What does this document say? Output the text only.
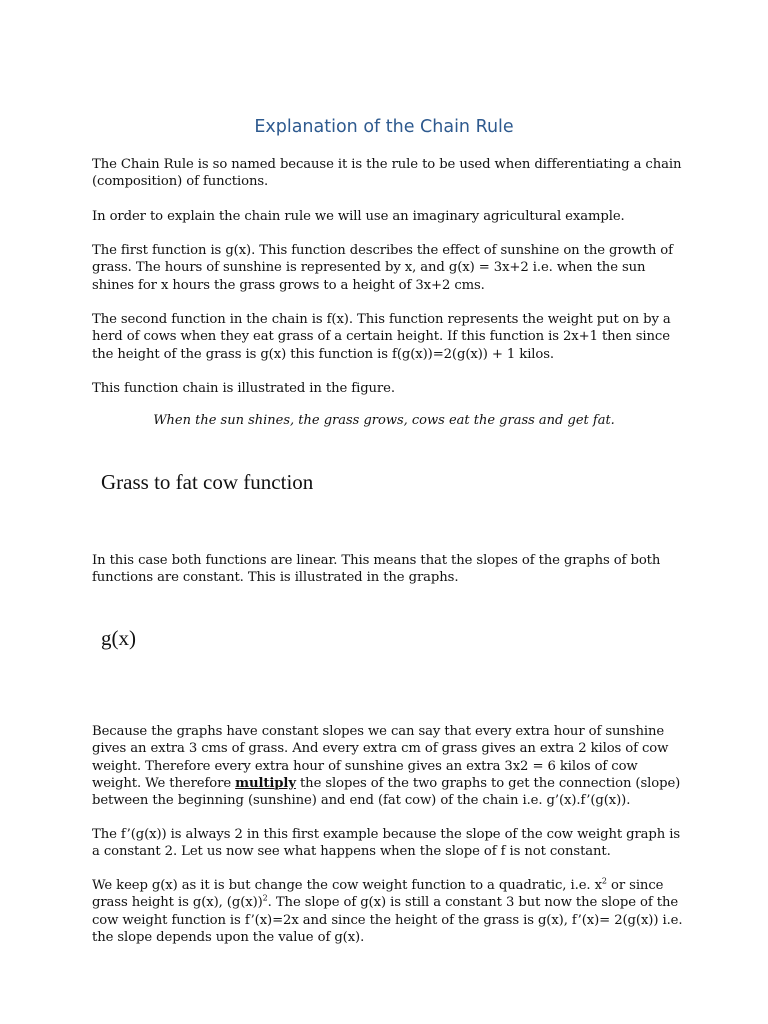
Explanation of the Chain Rule

The Chain Rule is so named because it is the rule to be used when differentiating a chain
(composition) of functions.

In order to explain the chain rule we will use an imaginary agricultural example.

The first function is g(x). This function describes the effect of sunshine on the growth of
grass. The hours of sunshine is represented by x, and g(x) = 3x+2 i.e. when the sun
shines for x hours the grass grows to a height of 3x+2 cms.

The second function in the chain is f(x). This function represents the weight put on by a
herd of cows when they eat grass of a certain height. If this function is 2x+1 then since
the height of the grass is g(x) this function is f(g(x))=2(g(x)) + 1 kilos.

This function chain is illustrated in the figure.

When the sun shines, the grass grows, cows eat the grass and get fat.

Grass to fat cow function

In this case both functions are linear. This means that the slopes of the graphs of both
functions are constant. This is illustrated in the graphs.

g(x)

Because the graphs have constant slopes we can say that every extra hour of sunshine
gives an extra 3 cms of grass. And every extra cm of grass gives an extra 2 kilos of cow
weight. Therefore every extra hour of sunshine gives an extra 3x2 = 6 kilos of cow
weight. We therefore multiply the slopes of the two graphs to get the connection (slope)
between the beginning (sunshine) and end (fat cow) of the chain i.e. g’(x).f’(g(x)).

The f’(g(x)) is always 2 in this first example because the slope of the cow weight graph is
a constant 2. Let us now see what happens when the slope of f is not constant.

We keep g(x) as it is but change the cow weight function to a quadratic, i.e. $x^2$ or since
grass height is g(x), $(g(x))^2$. The slope of g(x) is still a constant 3 but now the slope of the
cow weight function is f’(x)=2x and since the height of the grass is g(x), f’(x)= 2(g(x)) i.e.
the slope depends upon the value of g(x).
